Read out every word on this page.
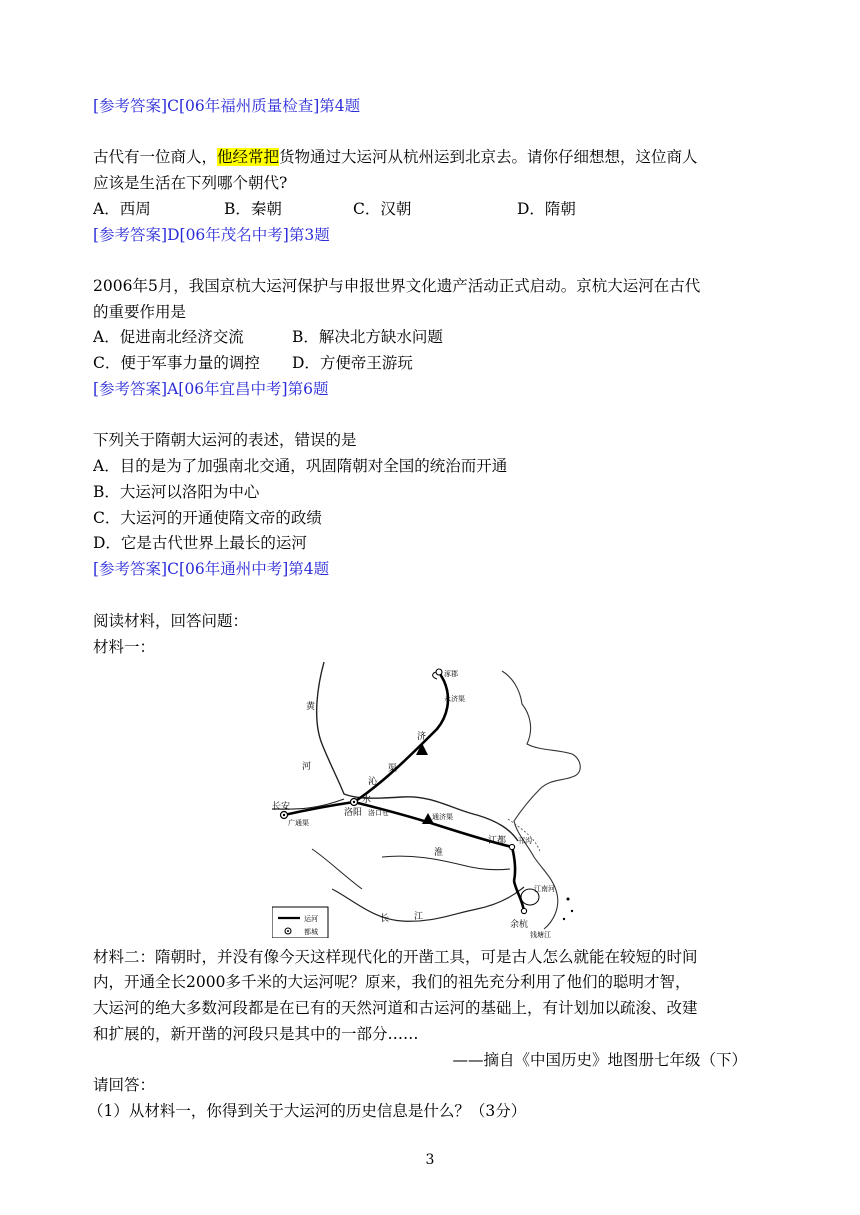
[参考答案]C[06年福州质量检查]第4题
古代有一位商人，他经常把货物通过大运河从杭州运到北京去。请你仔细想想，这位商人
应该是生活在下列哪个朝代?
A．西周	B．秦朝	C．汉朝	D．隋朝
[参考答案]D[06年茂名中考]第3题
2006年5月，我国京杭大运河保护与申报世界文化遗产活动正式启动。京杭大运河在古代
的重要作用是
A．促进南北经济交流	B．解决北方缺水问题
C．便于军事力量的调控 D．方便帝王游玩
[参考答案]A[06年宜昌中考]第6题
下列关于隋朝大运河的表述，错误的是
A．目的是为了加强南北交通，巩固隋朝对全国的统治而开通
B．大运河以洛阳为中心
C．大运河的开通使隋文帝的政绩
D．它是古代世界上最长的运河
[参考答案]C[06年通州中考]第4题
阅读材料，回答问题：
材料一：
涿郡
永济渠
黄
河
济
沁
水
渠
长安
广通渠
洛阳 洛口仓	通济渠
淮
邗沟
江都
江南河
余杭
钱塘江
长	江
运河
都城
材料二：隋朝时，并没有像今天这样现代化的开凿工具，可是古人怎么就能在较短的时间
内，开通全长2000多千米的大运河呢？原来，我们的祖先充分利用了他们的聪明才智，
大运河的绝大多数河段都是在已有的天然河道和古运河的基础上，有计划加以疏浚、改建
和扩展的，新开凿的河段只是其中的一部分……
——摘自《中国历史》地图册七年级（下）
请回答：
（1）从材料一，你得到关于大运河的历史信息是什么？（3分）
3
